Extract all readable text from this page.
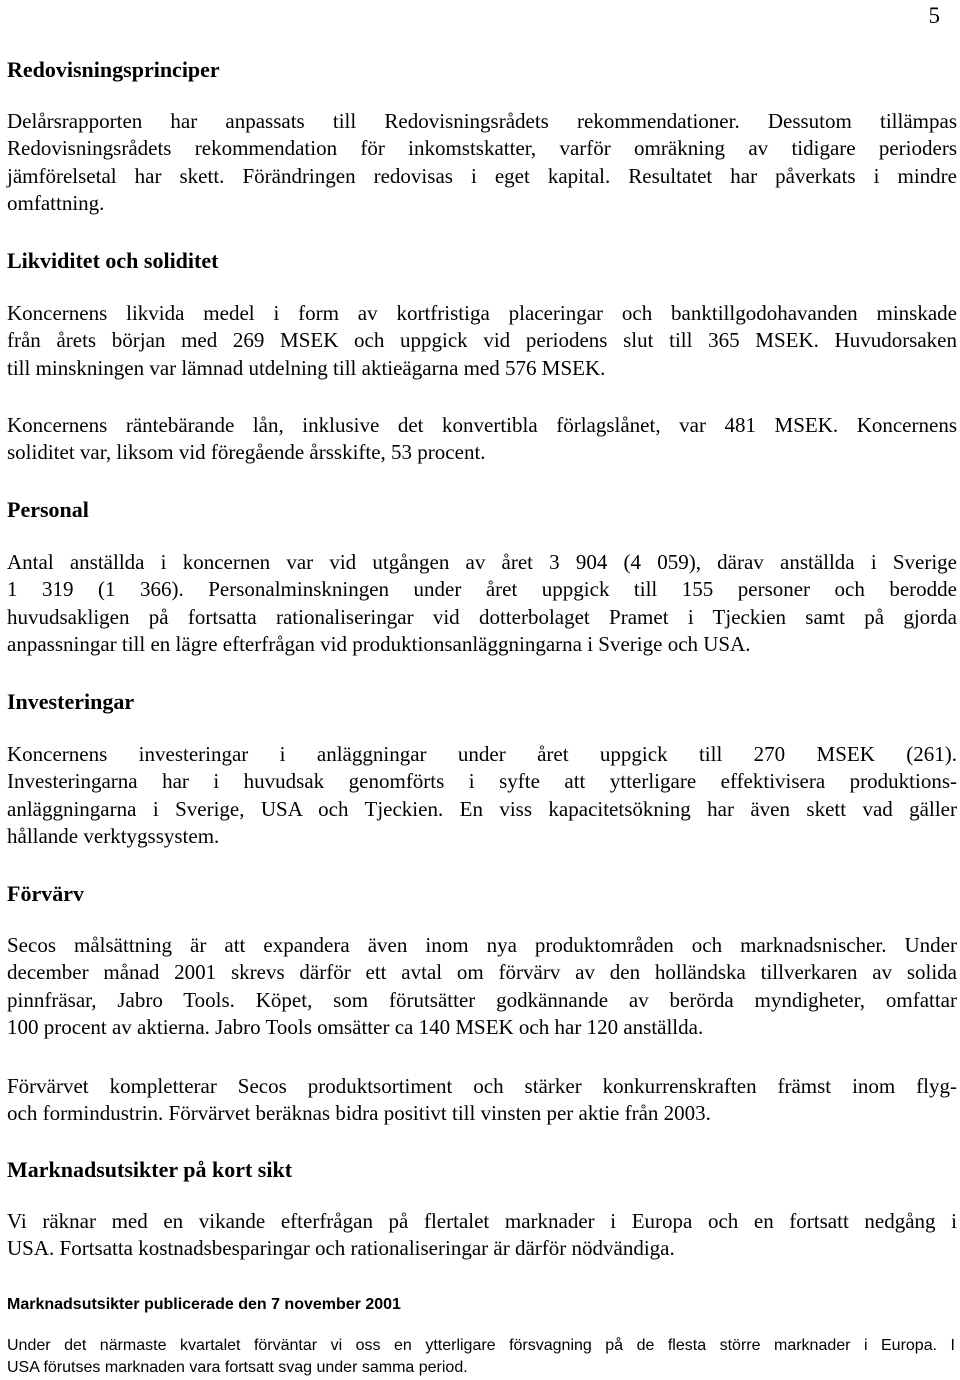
5
Redovisningsprinciper
Delårsrapporten har anpassats till Redovisningsrådets rekommendationer. Dessutom tillämpas
Redovisningsrådets rekommendation för inkomstskatter, varför omräkning av tidigare perioders
jämförelsetal har skett. Förändringen redovisas i eget kapital. Resultatet har påverkats i mindre
omfattning.
Likviditet och soliditet
Koncernens likvida medel i form av kortfristiga placeringar och banktillgodohavanden minskade
från årets början med 269 MSEK och uppgick vid periodens slut till 365 MSEK. Huvudorsaken
till minskningen var lämnad utdelning till aktieägarna med 576 MSEK.
Koncernens räntebärande lån, inklusive det konvertibla förlagslånet, var 481 MSEK. Koncernens
soliditet var, liksom vid föregående årsskifte, 53 procent.
Personal
Antal anställda i koncernen var vid utgången av året 3 904 (4 059), därav anställda i Sverige
1 319 (1 366). Personalminskningen under året uppgick till 155 personer och berodde
huvudsakligen på fortsatta rationaliseringar vid dotterbolaget Pramet i Tjeckien samt på gjorda
anpassningar till en lägre efterfrågan vid produktionsanläggningarna i Sverige och USA.
Investeringar
Koncernens investeringar i anläggningar under året uppgick till 270 MSEK (261).
Investeringarna har i huvudsak genomförts i syfte att ytterligare effektivisera produktions-
anläggningarna i Sverige, USA och Tjeckien. En viss kapacitetsökning har även skett vad gäller
hållande verktygssystem.
Förvärv
Secos målsättning är att expandera även inom nya produktområden och marknadsnischer. Under
december månad 2001 skrevs därför ett avtal om förvärv av den holländska tillverkaren av solida
pinnfräsar, Jabro Tools. Köpet, som förutsätter godkännande av berörda myndigheter, omfattar
100 procent av aktierna. Jabro Tools omsätter ca 140 MSEK och har 120 anställda.
Förvärvet kompletterar Secos produktsortiment och stärker konkurrenskraften främst inom flyg-
och formindustrin. Förvärvet beräknas bidra positivt till vinsten per aktie från 2003.
Marknadsutsikter på kort sikt
Vi räknar med en vikande efterfrågan på flertalet marknader i Europa och en fortsatt nedgång i
USA. Fortsatta kostnadsbesparingar och rationaliseringar är därför nödvändiga.
Marknadsutsikter publicerade den 7 november 2001
Under det närmaste kvartalet förväntar vi oss en ytterligare försvagning på de flesta större marknader i Europa. I
USA förutses marknaden vara fortsatt svag under samma period.
